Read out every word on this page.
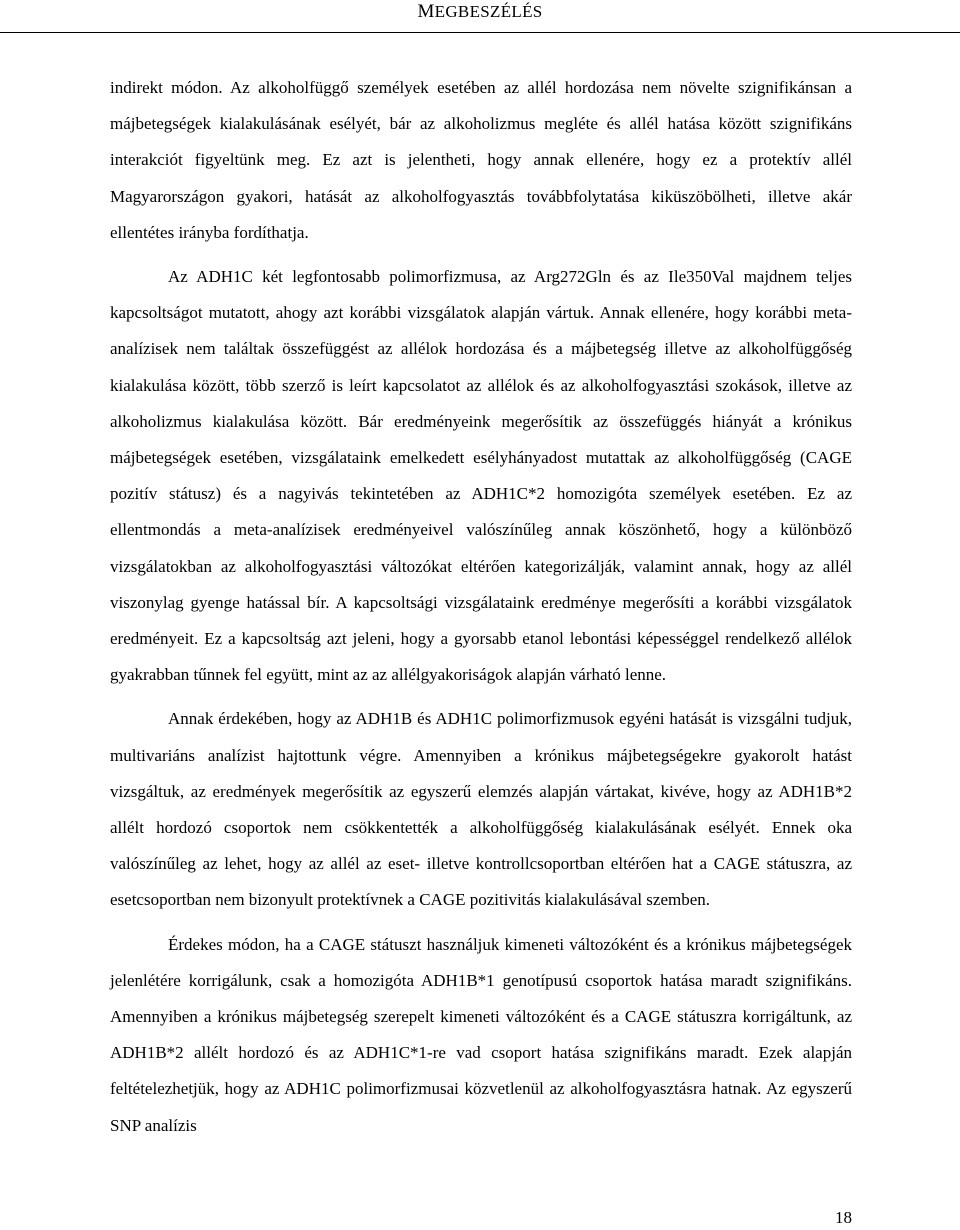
MEGBESZÉLÉS

indirekt módon. Az alkoholfüggő személyek esetében az allél hordozása nem növelte szignifikánsan a májbetegségek kialakulásának esélyét, bár az alkoholizmus megléte és allél hatása között szignifikáns interakciót figyeltünk meg. Ez azt is jelentheti, hogy annak ellenére, hogy ez a protektív allél Magyarországon gyakori, hatását az alkoholfogyasztás továbbfolytatása kiküszöbölheti, illetve akár ellentétes irányba fordíthatja.

Az ADH1C két legfontosabb polimorfizmusa, az Arg272Gln és az Ile350Val majdnem teljes kapcsoltságot mutatott, ahogy azt korábbi vizsgálatok alapján vártuk. Annak ellenére, hogy korábbi meta-analízisek nem találtak összefüggést az allélok hordozása és a májbetegség illetve az alkoholfüggőség kialakulása között, több szerző is leírt kapcsolatot az allélok és az alkoholfogyasztási szokások, illetve az alkoholizmus kialakulása között. Bár eredményeink megerősítik az összefüggés hiányát a krónikus májbetegségek esetében, vizsgálataink emelkedett esélyhányadost mutattak az alkoholfüggőség (CAGE pozitív státusz) és a nagyivás tekintetében az ADH1C*2 homozigóta személyek esetében. Ez az ellentmondás a meta-analízisek eredményeivel valószínűleg annak köszönhető, hogy a különböző vizsgálatokban az alkoholfogyasztási változókat eltérően kategorizálják, valamint annak, hogy az allél viszonylag gyenge hatással bír. A kapcsoltsági vizsgálataink eredménye megerősíti a korábbi vizsgálatok eredményeit. Ez a kapcsoltság azt jeleni, hogy a gyorsabb etanol lebontási képességgel rendelkező allélok gyakrabban tűnnek fel együtt, mint az az allélgyakoriságok alapján várható lenne.

Annak érdekében, hogy az ADH1B és ADH1C polimorfizmusok egyéni hatását is vizsgálni tudjuk, multivariáns analízist hajtottunk végre. Amennyiben a krónikus májbetegségekre gyakorolt hatást vizsgáltuk, az eredmények megerősítik az egyszerű elemzés alapján vártakat, kivéve, hogy az ADH1B*2 allélt hordozó csoportok nem csökkentették a alkoholfüggőség kialakulásának esélyét. Ennek oka valószínűleg az lehet, hogy az allél az eset- illetve kontrollcsoportban eltérően hat a CAGE státuszra, az esetcsoportban nem bizonyult protektívnek a CAGE pozitivitás kialakulásával szemben.

Érdekes módon, ha a CAGE státuszt használjuk kimeneti változóként és a krónikus májbetegségek jelenlétére korrigálunk, csak a homozigóta ADH1B*1 genotípusú csoportok hatása maradt szignifikáns. Amennyiben a krónikus májbetegség szerepelt kimeneti változóként és a CAGE státuszra korrigáltunk, az ADH1B*2 allélt hordozó és az ADH1C*1-re vad csoport hatása szignifikáns maradt. Ezek alapján feltételezhetjük, hogy az ADH1C polimorfizmusai közvetlenül az alkoholfogyasztásra hatnak. Az egyszerű SNP analízis

18
